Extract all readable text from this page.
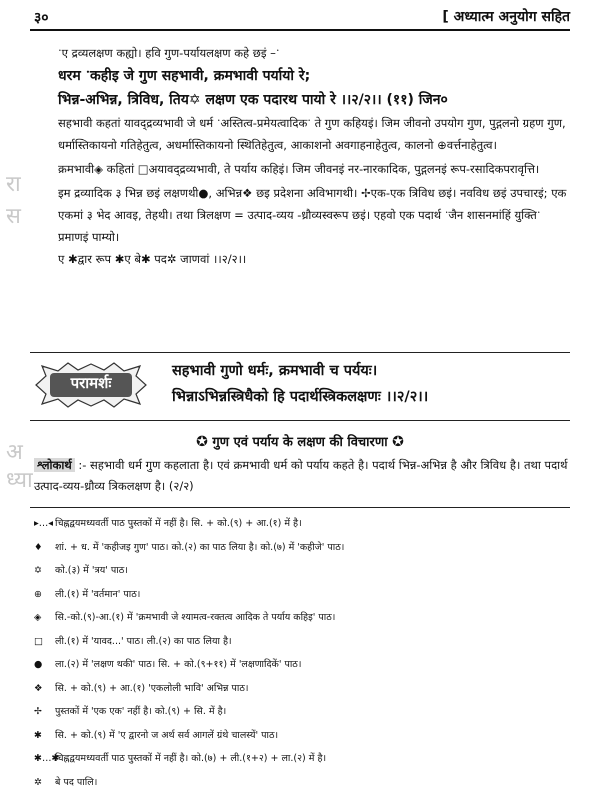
३०	[ अध्यात्म अनुयोग सहित
रा
स
अ
ध्या

ॱए द्रव्यलक्षण कह्यो। हवि गुण-पर्यायलक्षण कहे छइं –ॱ

धरम ॱकहीइ जे गुण सहभावी, क्रमभावी पर्यायो रे;

भिन्न-अभिन्न, त्रिविध, तिय✡ लक्षण एक पदारथ पायो रे ।।२/२।। (११) जिन०

सहभावी कहतां यावद्द्रव्यभावी जे धर्म ॱअस्तित्व-प्रमेयत्वादिकॱ ते गुण कहियइं। जिम जीवनो उपयोग गुण, पुद्गलनो ग्रहण गुण, धर्मास्तिकायनो गतिहेतुत्व, अधर्मास्तिकायनो स्थितिहेतुत्व, आकाशनो अवगाहनाहेतुत्व, कालनो ⊕वर्त्तनाहेतुत्व।

क्रमभावी◈ कहितां □अयावद्द्रव्यभावी, ते पर्याय कहिइं। जिम जीवनइं नर-नारकादिक, पुद्गलनइं रूप-रसादिकपरावृत्ति।

इम द्रव्यादिक ३ भिन्न छइं लक्षणथी●, अभिन्न❖ छइ प्रदेशना अविभागथी। ✢एक-एक त्रिविध छइं। नवविध छइं उपचारइं; एक एकमां ३ भेद आवइ, तेहथी। तथा त्रिलक्षण = उत्पाद-व्यय -ध्रौव्यस्वरूप छइं। एहवो एक पदार्थ ॱजैन शासनमांहिं युक्तिॱ प्रमाणइं पाम्यो।

ए ✱द्वार रूप ✱ए बे✱ पद✲ जाणवां ।।२/२।।

परामर्शः
सहभावी गुणो धर्मः, क्रमभावी च पर्ययः।
भिन्नाऽभिन्नस्त्रिधैको हि पदार्थस्त्रिकलक्षणः ।।२/२।।
✪ गुण एवं पर्याय के लक्षण की विचारणा ✪
श्लोकार्थ :- सहभावी धर्म गुण कहलाता है। एवं क्रमभावी धर्म को पर्याय कहते है। पदार्थ भिन्न-अभिन्न है और त्रिविध है। तथा पदार्थ उत्पाद-व्यय-ध्रौव्य त्रिकलक्षण है। (२/२)
▸…◂ चिह्नद्वयमध्यवर्ती पाठ पुस्तकों में नहीं है। सि. + को.(९) + आ.(१) में है।
♦ शां. + ध. में 'कहीजइ गुण' पाठ। को.(२) का पाठ लिया है। को.(७) में 'कहीजे' पाठ।
✡ को.(३) में 'त्रय' पाठ।
⊕ ली.(१) में 'वर्तमान' पाठ।
◈ सि.-को.(९)-आ.(१) में 'क्रमभावी जे श्यामत्व-रक्तत्व आदिक ते पर्याय कहिइ' पाठ।
□ ली.(१) में 'यावद...' पाठ। ली.(२) का पाठ लिया है।
● ला.(२) में 'लक्षण थकी' पाठ। सि. + को.(९+११) में 'लक्षणादिकें' पाठ।
❖ सि. + को.(९) + आ.(१) 'एकलोली भावि' अभिन्न पाठ।
✢ पुस्तकों में 'एक एक' नहीं है। को.(९) + सि. में है।
✱ सि. + को.(९) में 'ए द्वारनो ज अर्थ सर्व आगलें ग्रंथे चालस्यें' पाठ।
✱…✱ चिह्नद्वयमध्यवर्ती पाठ पुस्तकों में नहीं है। को.(७) + ली.(१+२) + ला.(२) में है।
✲ बे पद पालि।
